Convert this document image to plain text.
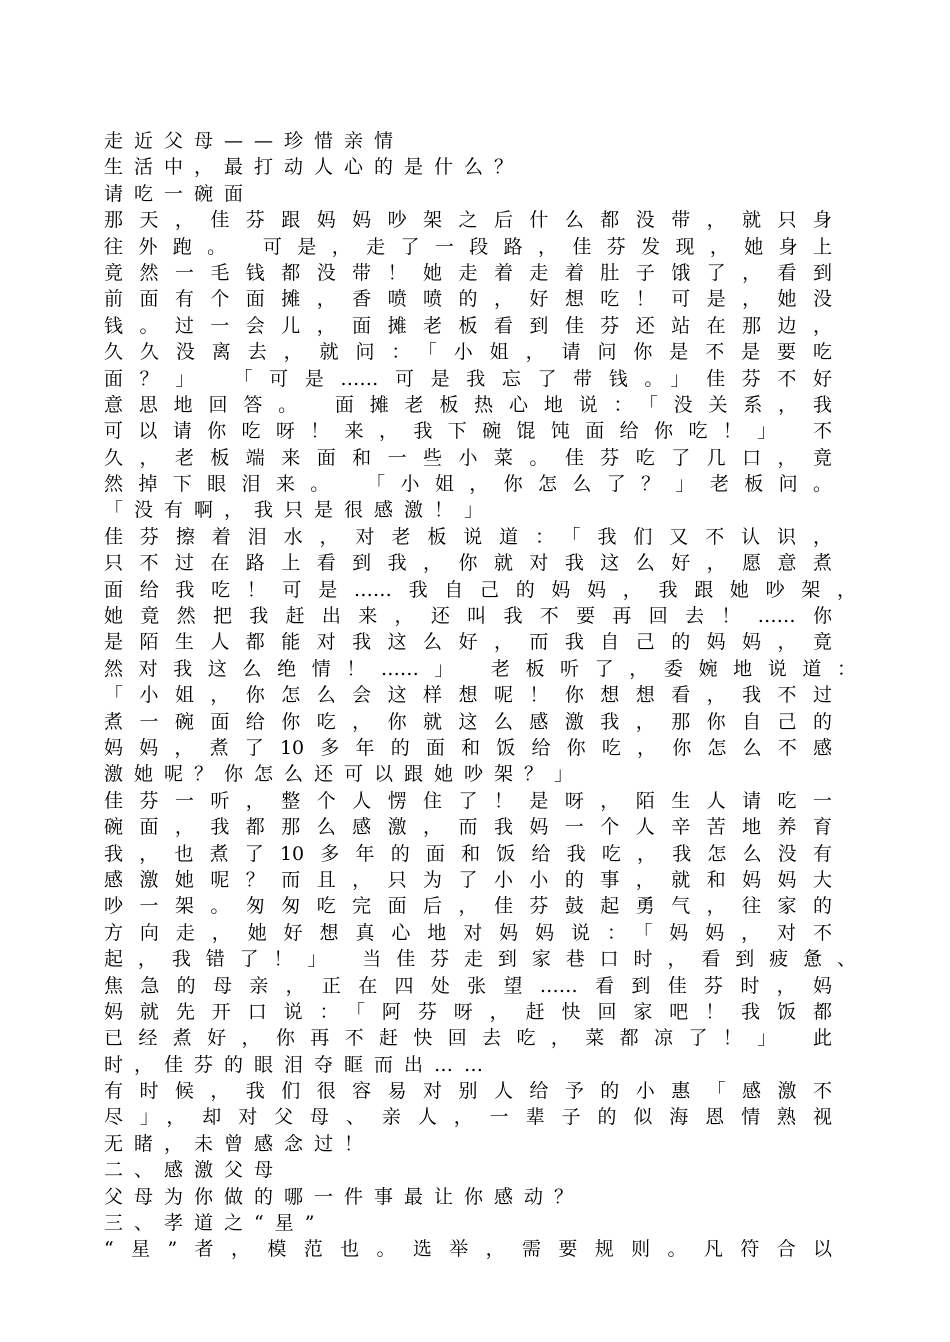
走近父母——珍惜亲情
生活中，最打动人心的是什么？
请吃一碗面
那天，佳芬跟妈妈吵架之后什么都没带，就只身
往外跑。 可是，走了一段路，佳芬发现，她身上
竟然一毛钱都没带！她走着走着肚子饿了，看到
前面有个面摊，香喷喷的，好想吃！可是，她没
钱。过一会儿，面摊老板看到佳芬还站在那边，
久久没离去，就问：「小姐，请问你是不是要吃
面？」 「可是……可是我忘了带钱。」佳芬不好
意思地回答。 面摊老板热心地说：「没关系，我
可以请你吃呀！来，我下碗馄饨面给你吃！」 不
久，老板端来面和一些小菜。佳芬吃了几口，竟
然掉下眼泪来。 「小姐，你怎么了？」老板问。
「没有啊，我只是很感激！」
佳芬擦着泪水，对老板说道：「我们又不认识，
只不过在路上看到我，你就对我这么好，愿意煮
面给我吃！可是……我自己的妈妈，我跟她吵架，
她竟然把我赶出来，还叫我不要再回去！……你
是陌生人都能对我这么好，而我自己的妈妈，竟
然对我这么绝情！……」 老板听了，委婉地说道：
「小姐，你怎么会这样想呢！你想想看，我不过
煮一碗面给你吃，你就这么感激我，那你自己的
妈妈，煮了10多年的面和饭给你吃，你怎么不感
激她呢？你怎么还可以跟她吵架？」
佳芬一听，整个人愣住了！是呀，陌生人请吃一
碗面，我都那么感激，而我妈一个人辛苦地养育
我，也煮了10多年的面和饭给我吃，我怎么没有
感激她呢？而且，只为了小小的事，就和妈妈大
吵一架。匆匆吃完面后，佳芬鼓起勇气，往家的
方向走，她好想真心地对妈妈说：「妈妈，对不
起，我错了！」 当佳芬走到家巷口时，看到疲惫、
焦急的母亲，正在四处张望……看到佳芬时，妈
妈就先开口说：「阿芬呀，赶快回家吧！我饭都
已经煮好，你再不赶快回去吃，菜都凉了！」 此
时，佳芬的眼泪夺眶而出……
有时候，我们很容易对别人给予的小惠「感激不
尽」，却对父母、亲人，一辈子的似海恩情熟视
无睹，未曾感念过！
二、感激父母
父母为你做的哪一件事最让你感动？
三、孝道之“星”
“星”者，模范也。选举，需要规则。凡符合以
